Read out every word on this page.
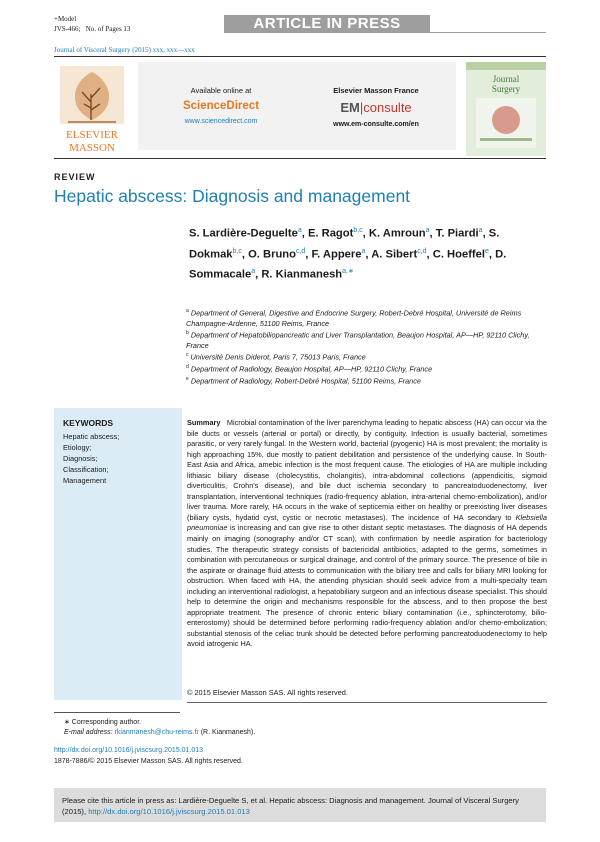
+Model
JVS-466; No. of Pages 13	ARTICLE IN PRESS
Journal of Visceral Surgery (2015) xxx, xxx—xxx
ELSEVIER
MASSON
Available online at
ScienceDirect
www.sciencedirect.com
Elsevier Masson France
EM|consulte
www.em-consulte.com/en
Journal
Surgery
REVIEW
Hepatic abscess: Diagnosis and management
S. Lardière-Deguelte$^a$, E. Ragot$^{b,c}$, K. Amroun$^a$, T. Piardi$^a$, S. Dokmak$^{b,c}$, O. Bruno$^{c,d}$, F. Appere$^a$, A. Sibert$^{c,d}$, C. Hoeffel$^e$, D. Sommacale$^a$, R. Kianmanesh$^{a,∗}$
$^a$ Department of General, Digestive and Endocrine Surgery, Robert-Debré Hospital, Université de Reims Champagne-Ardenne, 51100 Reims, France
$^b$ Department of Hepatobiliopancreatic and Liver Transplantation, Beaujon Hospital, AP—HP, 92110 Clichy, France
$^c$ Université Denis Diderot, Paris 7, 75013 Paris, France
$^d$ Department of Radiology, Beaujon Hospital, AP—HP, 92110 Clichy, France
$^e$ Department of Radiology, Robert-Debré Hospital, 51100 Reims, France
KEYWORDS
Hepatic abscess;
Etiology;
Diagnosis;
Classification;
Management
Summary Microbial contamination of the liver parenchyma leading to hepatic abscess (HA) can occur via the bile ducts or vessels (arterial or portal) or directly, by contiguity. Infection is usually bacterial, sometimes parasitic, or very rarely fungal. In the Western world, bacterial (pyogenic) HA is most prevalent; the mortality is high approaching 15%, due mostly to patient debilitation and persistence of the underlying cause. In South-East Asia and Africa, amebic infection is the most frequent cause. The etiologies of HA are multiple including lithiasic biliary disease (cholecystitis, cholangitis), intra-abdominal collections (appendicitis, sigmoid diverticulitis, Crohn's disease), and bile duct ischemia secondary to pancreatoduodenectomy, liver transplantation, interventional techniques (radio-frequency ablation, intra-arterial chemo-embolization), and/or liver trauma. More rarely, HA occurs in the wake of septicemia either on healthy or preexisting liver diseases (biliary cysts, hydatid cyst, cystic or necrotic metastases). The incidence of HA secondary to Klebsiella pneumoniae is increasing and can give rise to other distant septic metastases. The diagnosis of HA depends mainly on imaging (sonography and/or CT scan), with confirmation by needle aspiration for bacteriology studies. The therapeutic strategy consists of bactericidal antibiotics, adapted to the germs, sometimes in combination with percutaneous or surgical drainage, and control of the primary source. The presence of bile in the aspirate or drainage fluid attests to communication with the biliary tree and calls for biliary MRI looking for obstruction. When faced with HA, the attending physician should seek advice from a multi-specialty team including an interventional radiologist, a hepatobiliary surgeon and an infectious disease specialist. This should help to determine the origin and mechanisms responsible for the abscess, and to then propose the best appropriate treatment. The presence of chronic enteric biliary contamination (i.e., sphincterotomy, bilio-enterostomy) should be determined before performing radio-frequency ablation and/or chemo-embolization; substantial stenosis of the celiac trunk should be detected before performing pancreatoduodenectomy to help avoid iatrogenic HA.
© 2015 Elsevier Masson SAS. All rights reserved.
∗ Corresponding author.
E-mail address: rkianmanesh@chu-reims.fr (R. Kianmanesh).
http://dx.doi.org/10.1016/j.jviscsurg.2015.01.013
1878-7886/© 2015 Elsevier Masson SAS. All rights reserved.
Please cite this article in press as: Lardière-Deguelte S, et al. Hepatic abscess: Diagnosis and management. Journal of Visceral Surgery (2015), http://dx.doi.org/10.1016/j.jviscsurg.2015.01.013
